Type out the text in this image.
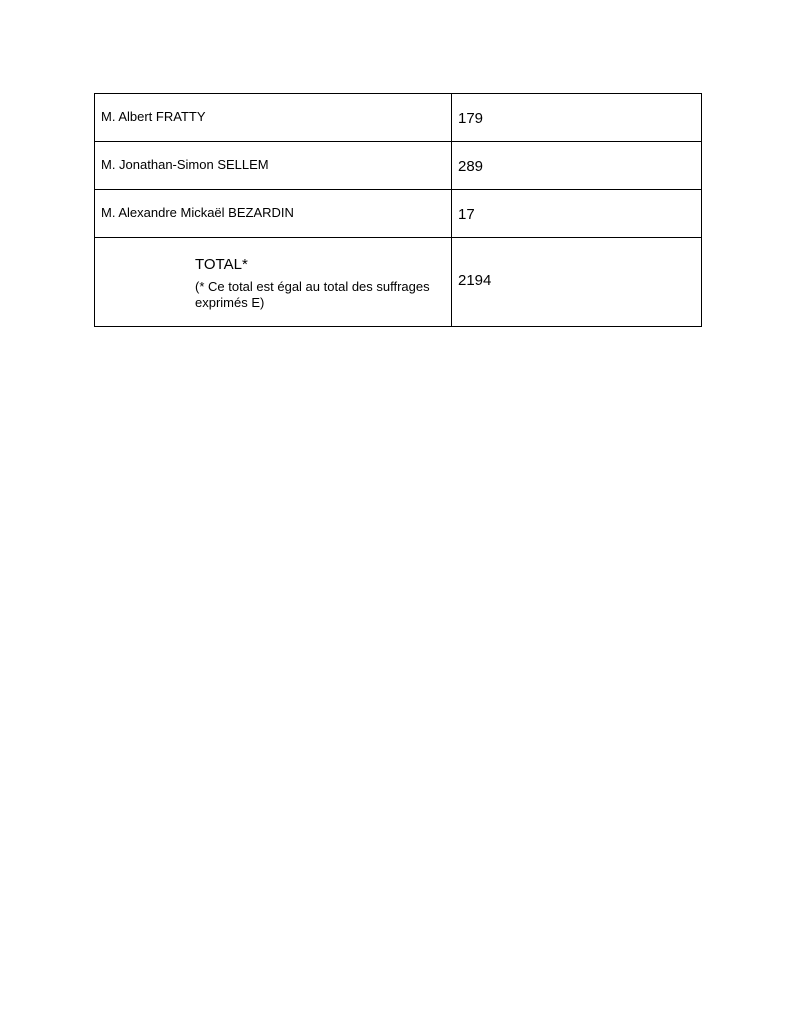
M. Albert FRATTY	179
M. Jonathan-Simon SELLEM	289
M. Alexandre Mickaël BEZARDIN	17

TOTAL*
(* Ce total est égal au total des suffrages exprimés E)	2194
